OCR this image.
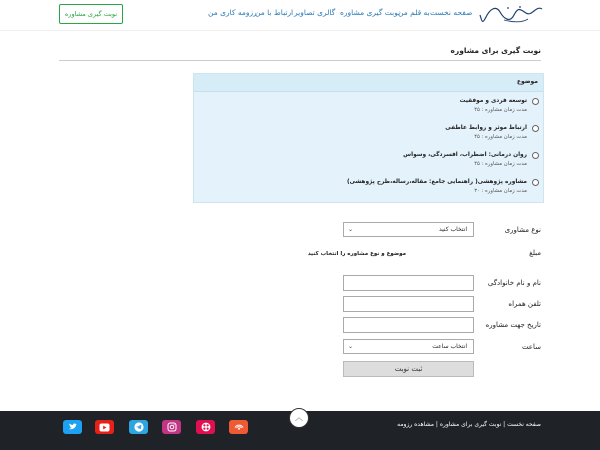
نوبت گیری مشاوره	صفحه نخست
به قلم من
نوبت گیری مشاوره
گالری تصاویر
ارتباط با من
رزومه کاری من
نوبت گیری برای مشاوره
موضوع
توسعه فردی و موفقیت
مدت زمان مشاوره : ۴۵
ارتباط موثر و روابط عاطفی
مدت زمان مشاوره : ۴۵
روان درمانی: اضطراب، افسردگی، وسواس
مدت زمان مشاوره : ۴۵
مشاوره پژوهشی( راهنمایی جامع: مقاله،رساله،طرح پژوهشی)
مدت زمان مشاوره : ۳۰
نوع مشاوری
انتخاب کنید
⌄
مبلغ
موضوع و نوع مشاوره را انتخاب کنید
نام و نام خانوادگی
تلفن همراه
تاریخ جهت مشاوره
ساعت
انتخاب ساعت
⌄
ثبت نوبت
︿
صفحه نخست | نوبت گیری برای مشاوره | مشاهده رزومه
